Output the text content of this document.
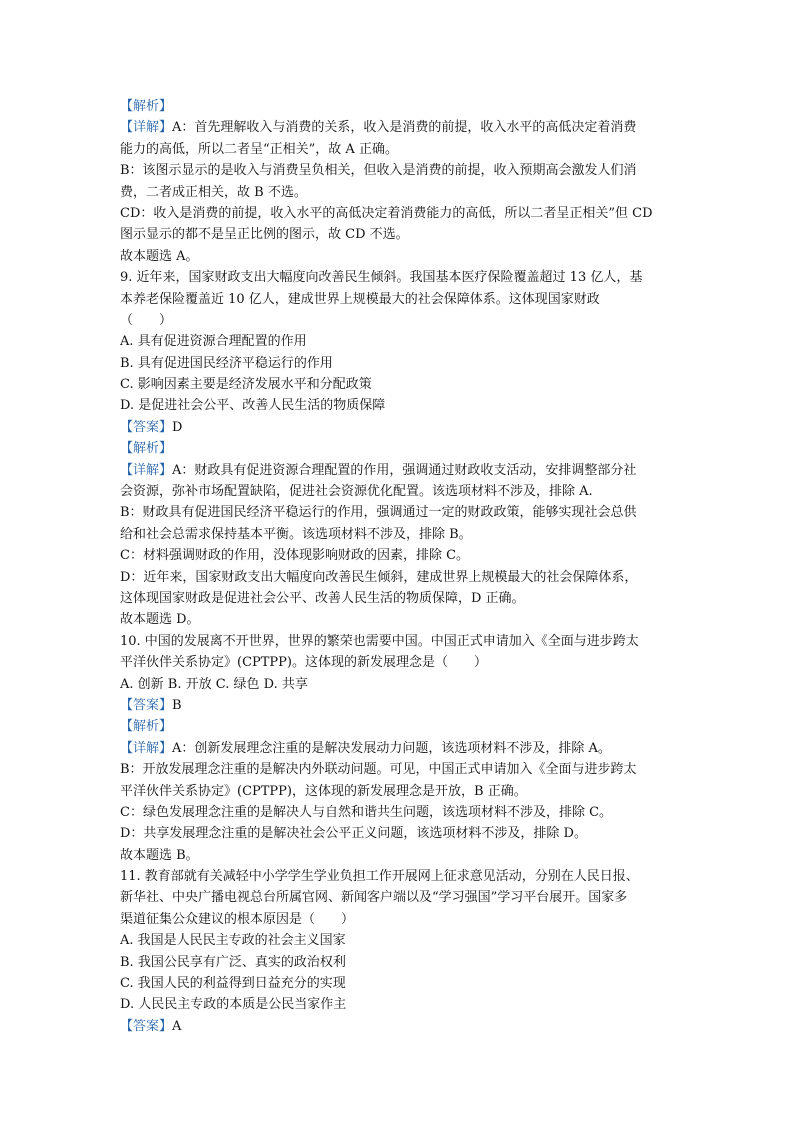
【解析】
【详解】A：首先理解收入与消费的关系，收入是消费的前提，收入水平的高低决定着消费
能力的高低，所以二者呈“正相关”，故 A 正确。
B：该图示显示的是收入与消费呈负相关，但收入是消费的前提，收入预期高会激发人们消
费，二者成正相关，故 B 不选。
CD：收入是消费的前提，收入水平的高低决定着消费能力的高低，所以二者呈正相关”但 CD
图示显示的都不是呈正比例的图示，故 CD 不选。
故本题选 A。
9. 近年来，国家财政支出大幅度向改善民生倾斜。我国基本医疗保险覆盖超过 13 亿人，基
本养老保险覆盖近 10 亿人，建成世界上规模最大的社会保障体系。这体现国家财政
（　　）
A. 具有促进资源合理配置的作用
B. 具有促进国民经济平稳运行的作用
C. 影响因素主要是经济发展水平和分配政策
D. 是促进社会公平、改善人民生活的物质保障
【答案】D
【解析】
【详解】A：财政具有促进资源合理配置的作用，强调通过财政收支活动，安排调整部分社
会资源，弥补市场配置缺陷，促进社会资源优化配置。该选项材料不涉及，排除 A.
B：财政具有促进国民经济平稳运行的作用，强调通过一定的财政政策，能够实现社会总供
给和社会总需求保持基本平衡。该选项材料不涉及，排除 B。
C：材料强调财政的作用，没体现影响财政的因素，排除 C。
D：近年来，国家财政支出大幅度向改善民生倾斜，建成世界上规模最大的社会保障体系，
这体现国家财政是促进社会公平、改善人民生活的物质保障，D 正确。
故本题选 D。
10. 中国的发展离不开世界，世界的繁荣也需要中国。中国正式申请加入《全面与进步跨太
平洋伙伴关系协定》(CPTPP)。这体现的新发展理念是（　　）
A. 创新 B. 开放 C. 绿色 D. 共享
【答案】B
【解析】
【详解】A：创新发展理念注重的是解决发展动力问题，该选项材料不涉及，排除 A。
B：开放发展理念注重的是解决内外联动问题。可见，中国正式申请加入《全面与进步跨太
平洋伙伴关系协定》(CPTPP)，这体现的新发展理念是开放，B 正确。
C：绿色发展理念注重的是解决人与自然和谐共生问题，该选项材料不涉及，排除 C。
D：共享发展理念注重的是解决社会公平正义问题，该选项材料不涉及，排除 D。
故本题选 B。
11. 教育部就有关减轻中小学学生学业负担工作开展网上征求意见活动，分别在人民日报、
新华社、中央广播电视总台所属官网、新闻客户端以及“学习强国”学习平台展开。国家多
渠道征集公众建议的根本原因是（　　）
A. 我国是人民民主专政的社会主义国家
B. 我国公民享有广泛、真实的政治权利
C. 我国人民的利益得到日益充分的实现
D. 人民民主专政的本质是公民当家作主
【答案】A
